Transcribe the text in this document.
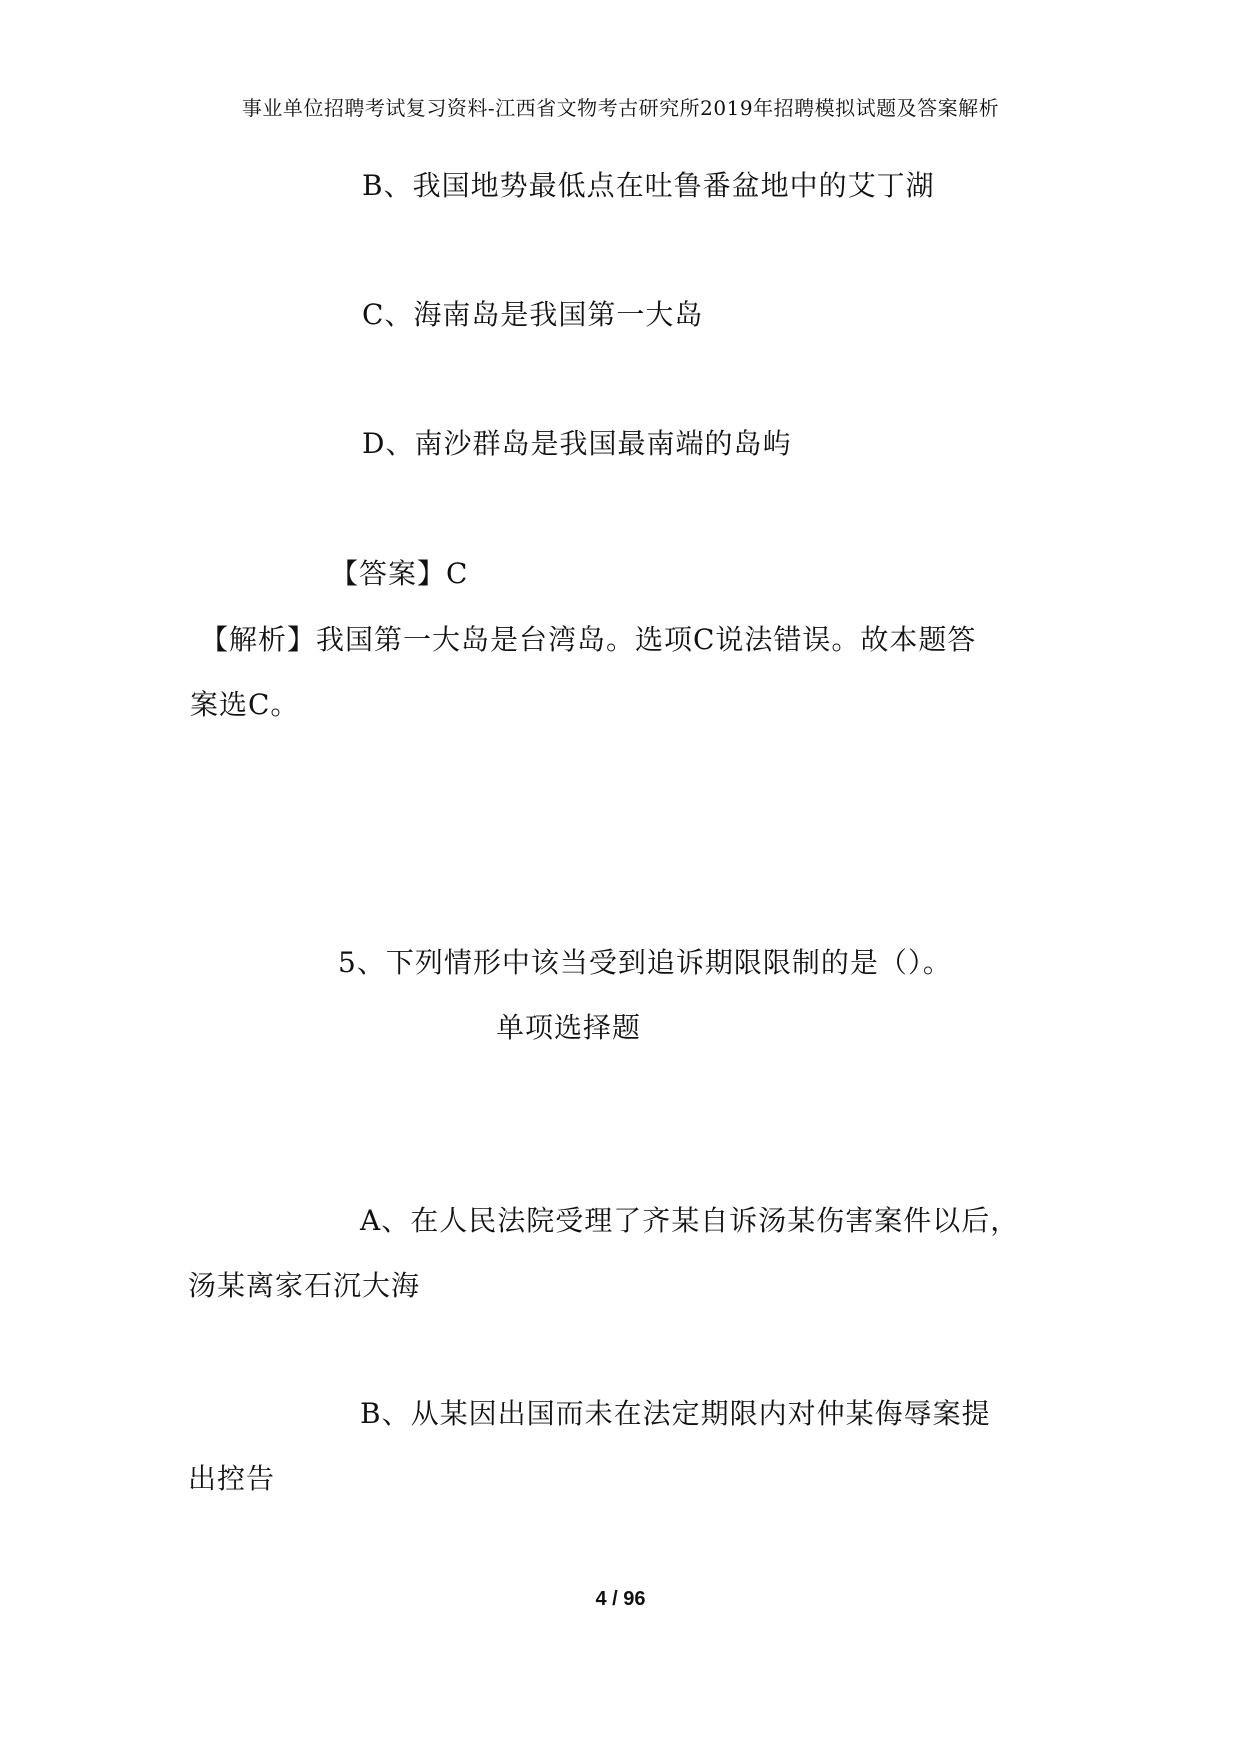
事业单位招聘考试复习资料-江西省文物考古研究所2019年招聘模拟试题及答案解析
B、我国地势最低点在吐鲁番盆地中的艾丁湖
C、海南岛是我国第一大岛
D、南沙群岛是我国最南端的岛屿
【答案】C
【解析】我国第一大岛是台湾岛。选项C说法错误。故本题答
案选C。
5、下列情形中该当受到追诉期限限制的是（）。
单项选择题
A、在人民法院受理了齐某自诉汤某伤害案件以后，
汤某离家石沉大海
B、从某因出国而未在法定期限内对仲某侮辱案提
出控告
4 / 96
